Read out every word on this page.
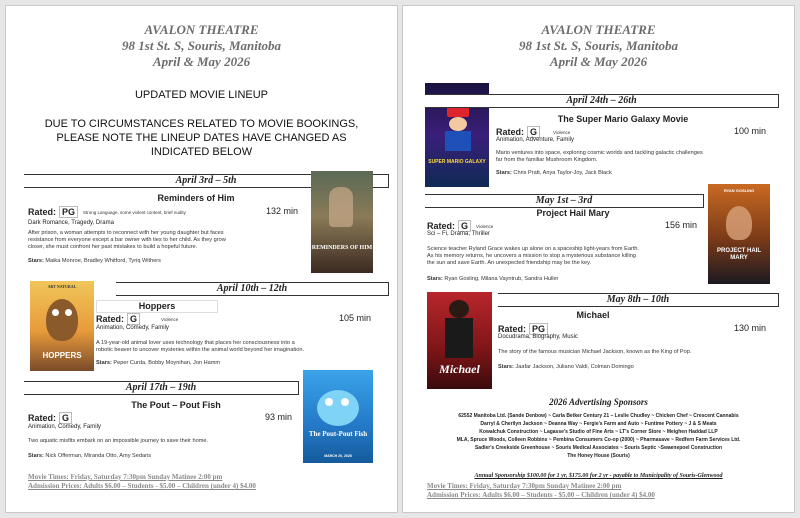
AVALON THEATRE
98 1st St. S, Souris, Manitoba
April & May 2026
UPDATED MOVIE LINEUP
DUE TO CIRCUMSTANCES RELATED TO MOVIE BOOKINGS,
PLEASE NOTE THE LINEUP DATES HAVE CHANGED AS
INDICATED BELOW
April 3rd – 5th
Reminders of Him
Rated: PG	Strong Language, some violent content, brief nudity	132 min
Dark Romance, Tragedy, Drama
After prison, a woman attempts to reconnect with her young daughter but faces
resistance from everyone except a bar owner with ties to her child. As they grow
closer, she must confront her past mistakes to build a hopeful future.
Stars: Maika Monroe, Bradley Whitford, Tyriq Withers
REMINDERS OF HIM
April 10th – 12th
Hoppers
Rated: G	Violence	105 min
Animation, Comedy, Family
A 19-year-old animal lover uses technology that places her consciousness into a
robotic beaver to uncover mysteries within the animal world beyond her imagination.
Stars: Peper Curda, Bobby Moynihan, Jon Hamm
ART NATURAL
HOPPERS
April 17th – 19th
The Pout – Pout Fish
Rated: G	93 min
Animation, Comedy, Family
Two aquatic misfits embark on an impossible journey to save their home.
Stars: Nick Offerman, Miranda Otto, Amy Sedaris
The Pout-Pout Fish
MARCH 20, 2026
Movie Times: Friday, Saturday 7:30pm Sunday Matinee 2:00 pm
Admission Prices: Adults $6.00 – Students - $5.00 – Children (under 4) $4.00
AVALON THEATRE
98 1st St. S, Souris, Manitoba
April & May 2026
SUPER MARIO GALAXY
April 24th – 26th
The Super Mario Galaxy Movie
Rated: G	Violence	100 min
Animation, Adventure, Family
Mario ventures into space, exploring cosmic worlds and tackling galactic challenges
far from the familiar Mushroom Kingdom.
Stars: Chris Pratt, Anya Taylor-Joy, Jack Black
May 1st – 3rd
Project Hail Mary
Rated: G	Violence	156 min
Sci – Fi, Drama, Thriller
Science teacher Ryland Grace wakes up alone on a spaceship light-years from Earth.
As his memory returns, he uncovers a mission to stop a mysterious substance killing
the sun and save Earth. An unexpected friendship may be the key.
Stars: Ryan Gosling, Milana Vayntrub, Sandra Huller
RYAN GOSLING
PROJECT HAIL MARY
Michael
May 8th – 10th
Michael
Rated: PG	130 min
Docudrama, Biography, Music
The story of the famous musician Michael Jackson, known as the King of Pop.
Stars: Jaafar Jackson, Juliano Valdi, Colman Domingo
2026 Advertising Sponsors
62552 Manitoba Ltd. (Sande Denbow) ~ Carla Betker Century 21 – Leslie Chudley ~ Chicken Chef ~ Crescent Cannabis
Darryl & Cherilyn Jackson ~ Deanna Way ~ Fergie's Farm and Auto ~ Funtime Pottery ~ J & S Meats
Kowalchuk Construction ~ Lagasse's Studio of Fine Arts ~ LT's Corner Store ~ Meighen Haddad LLP
MLA, Spruce Woods, Colleen Robbins ~ Pembina Consumers Co-op (2000) ~ Pharmasave ~ Redfern Farm Services Ltd.
Sadler's Creekside Greenhouse ~ Souris Medical Associates ~ Souris Septic ~Swaenepoel Construction
The Honey House (Souris)
Annual Sponsorship $100.00 for 1 yr, $175.00 for 2 yr - payable to Municipality of Souris-Glenwood
Movie Times: Friday, Saturday 7:30pm Sunday Matinee 2:00 pm
Admission Prices: Adults $6.00 – Students - $5.00 – Children (under 4) $4.00
